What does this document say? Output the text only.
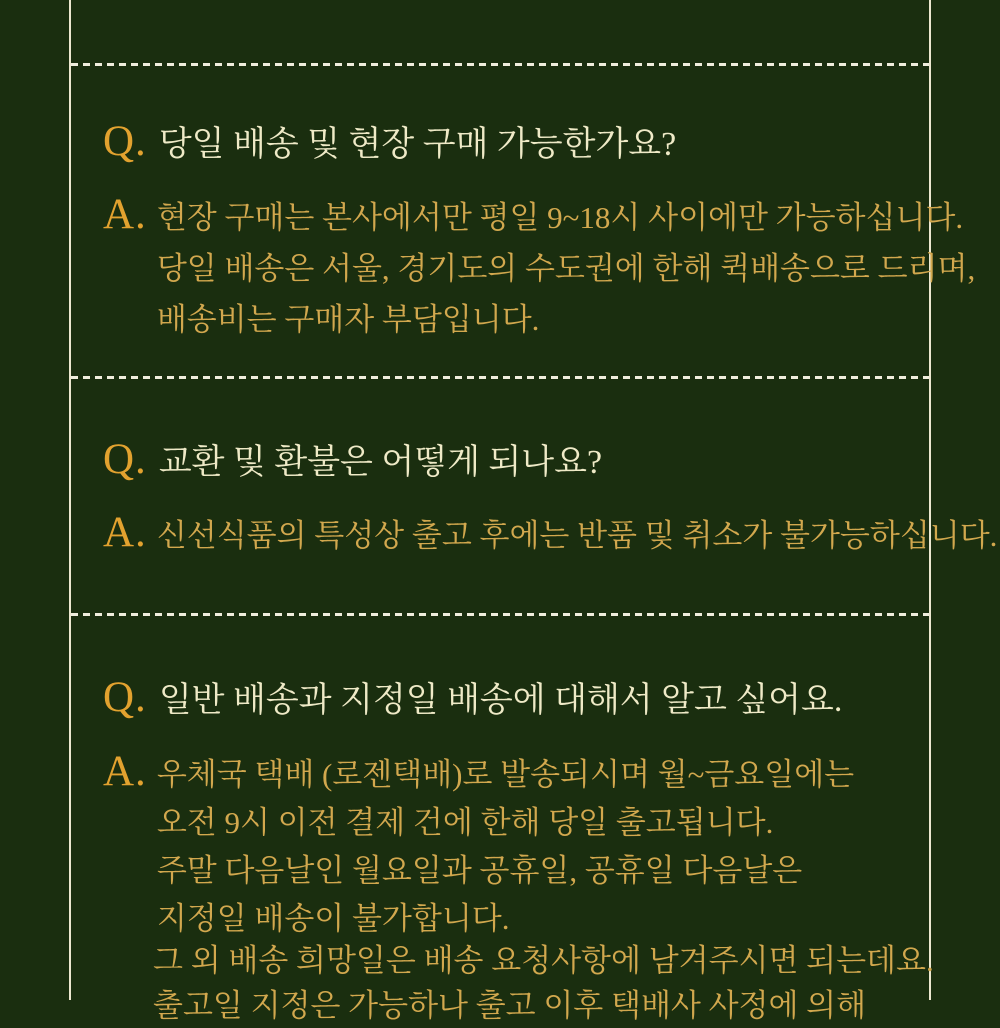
Q. 당일 배송 및 현장 구매 가능한가요?
A. 현장 구매는 본사에서만 평일 9~18시 사이에만 가능하십니다.
당일 배송은 서울, 경기도의 수도권에 한해 퀵배송으로 드리며,
배송비는 구매자 부담입니다.
Q. 교환 및 환불은 어떻게 되나요?
A. 신선식품의 특성상 출고 후에는 반품 및 취소가 불가능하십니다.
Q. 일반 배송과 지정일 배송에 대해서 알고 싶어요.
A. 우체국 택배 (로젠택배)로 발송되시며 월~금요일에는
오전 9시 이전 결제 건에 한해 당일 출고됩니다.
주말 다음날인 월요일과 공휴일, 공휴일 다음날은
지정일 배송이 불가합니다.
그 외 배송 희망일은 배송 요청사항에 남겨주시면 되는데요.
출고일 지정은 가능하나 출고 이후 택배사 사정에 의해
